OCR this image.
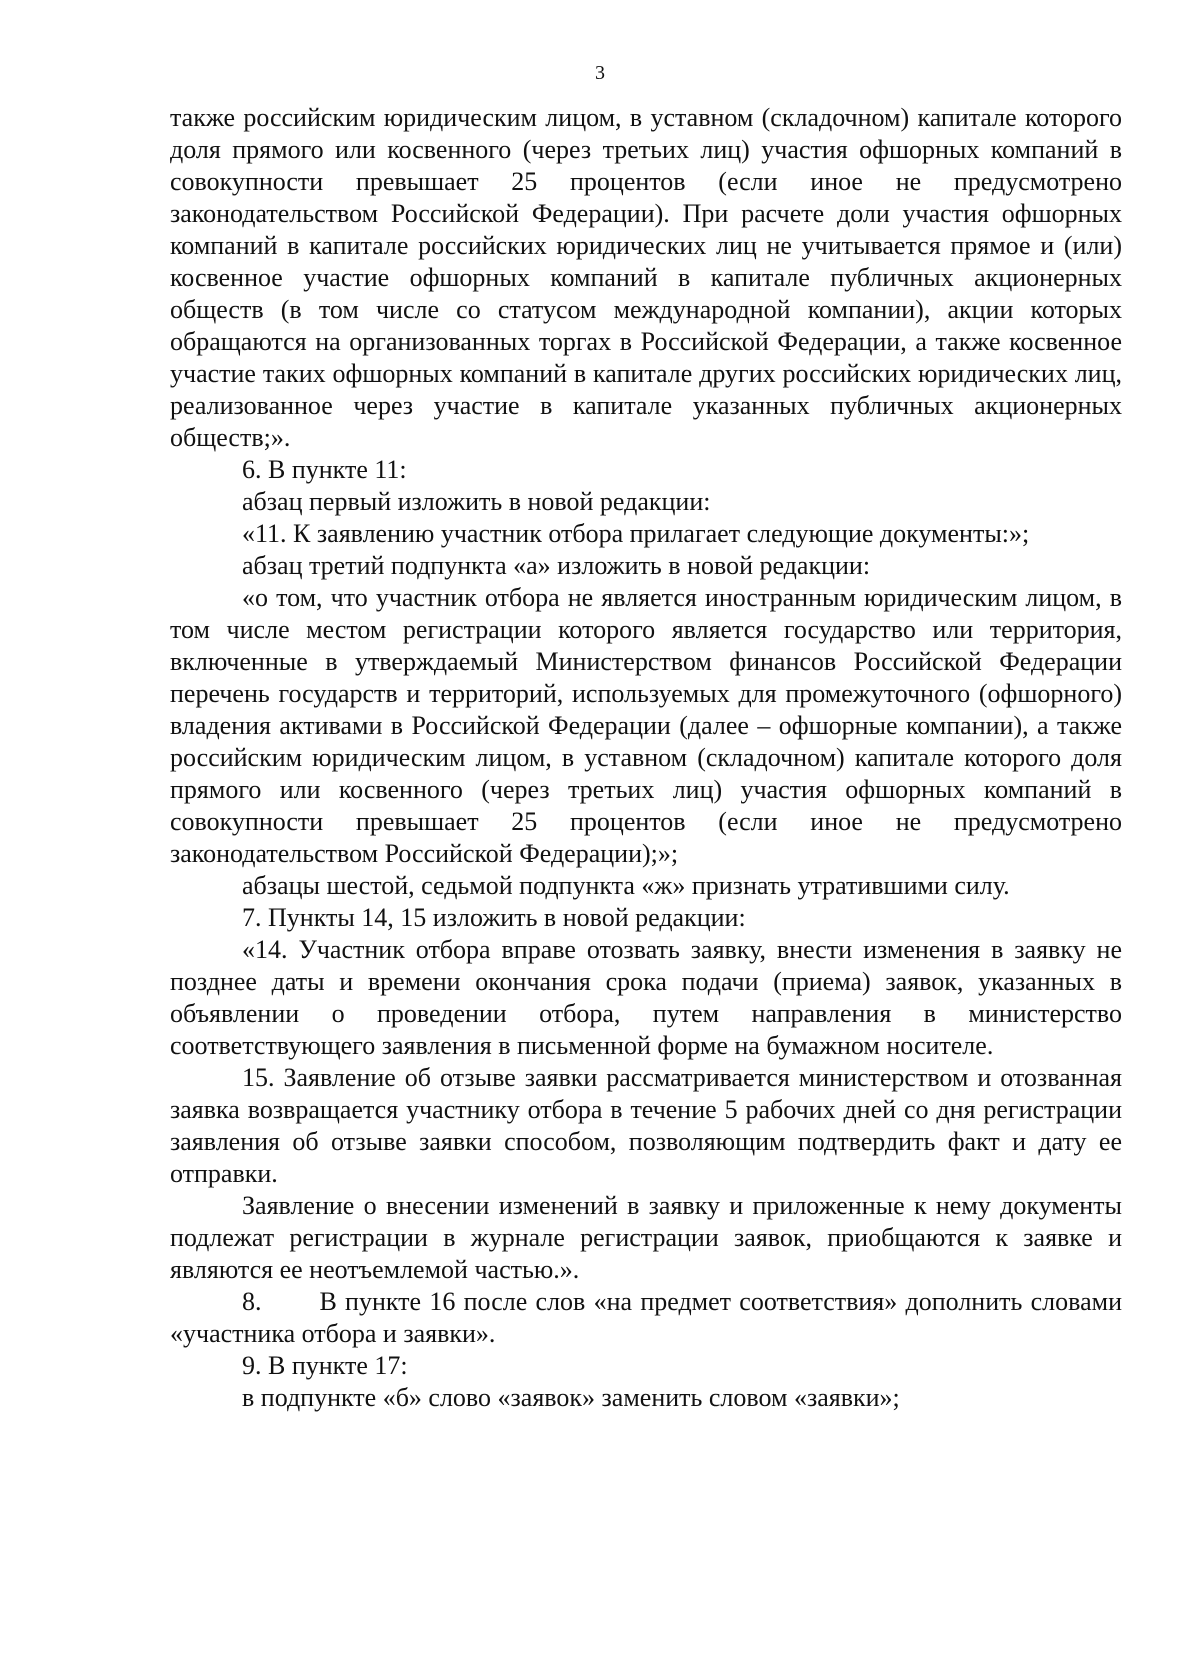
3

также российским юридическим лицом, в уставном (складочном) капитале которого доля прямого или косвенного (через третьих лиц) участия офшорных компаний в совокупности превышает 25 процентов (если иное не предусмотрено законодательством Российской Федерации). При расчете доли участия офшорных компаний в капитале российских юридических лиц не учитывается прямое и (или) косвенное участие офшорных компаний в капитале публичных акционерных обществ (в том числе со статусом международной компании), акции которых обращаются на организованных торгах в Российской Федерации, а также косвенное участие таких офшорных компаний в капитале других российских юридических лиц, реализованное через участие в капитале указанных публичных акционерных обществ;».

6. В пункте 11:

абзац первый изложить в новой редакции:

«11. К заявлению участник отбора прилагает следующие документы:»;

абзац третий подпункта «а» изложить в новой редакции:

«о том, что участник отбора не является иностранным юридическим лицом, в том числе местом регистрации которого является государство или территория, включенные в утверждаемый Министерством финансов Российской Федерации перечень государств и территорий, используемых для промежуточного (офшорного) владения активами в Российской Федерации (далее – офшорные компании), а также российским юридическим лицом, в уставном (складочном) капитале которого доля прямого или косвенного (через третьих лиц) участия офшорных компаний в совокупности превышает 25 процентов (если иное не предусмотрено законодательством Российской Федерации);»;

абзацы шестой, седьмой подпункта «ж» признать утратившими силу.

7. Пункты 14, 15 изложить в новой редакции:

«14. Участник отбора вправе отозвать заявку, внести изменения в заявку не позднее даты и времени окончания срока подачи (приема) заявок, указанных в объявлении о проведении отбора, путем направления в министерство соответствующего заявления в письменной форме на бумажном носителе.

15. Заявление об отзыве заявки рассматривается министерством и отозванная заявка возвращается участнику отбора в течение 5 рабочих дней со дня регистрации заявления об отзыве заявки способом, позволяющим подтвердить факт и дату ее отправки.

Заявление о внесении изменений в заявку и приложенные к нему документы подлежат регистрации в журнале регистрации заявок, приобщаются к заявке и являются ее неотъемлемой частью.».

8.       В пункте 16 после слов «на предмет соответствия» дополнить словами «участника отбора и заявки».

9. В пункте 17:

в подпункте «б» слово «заявок» заменить словом «заявки»;
